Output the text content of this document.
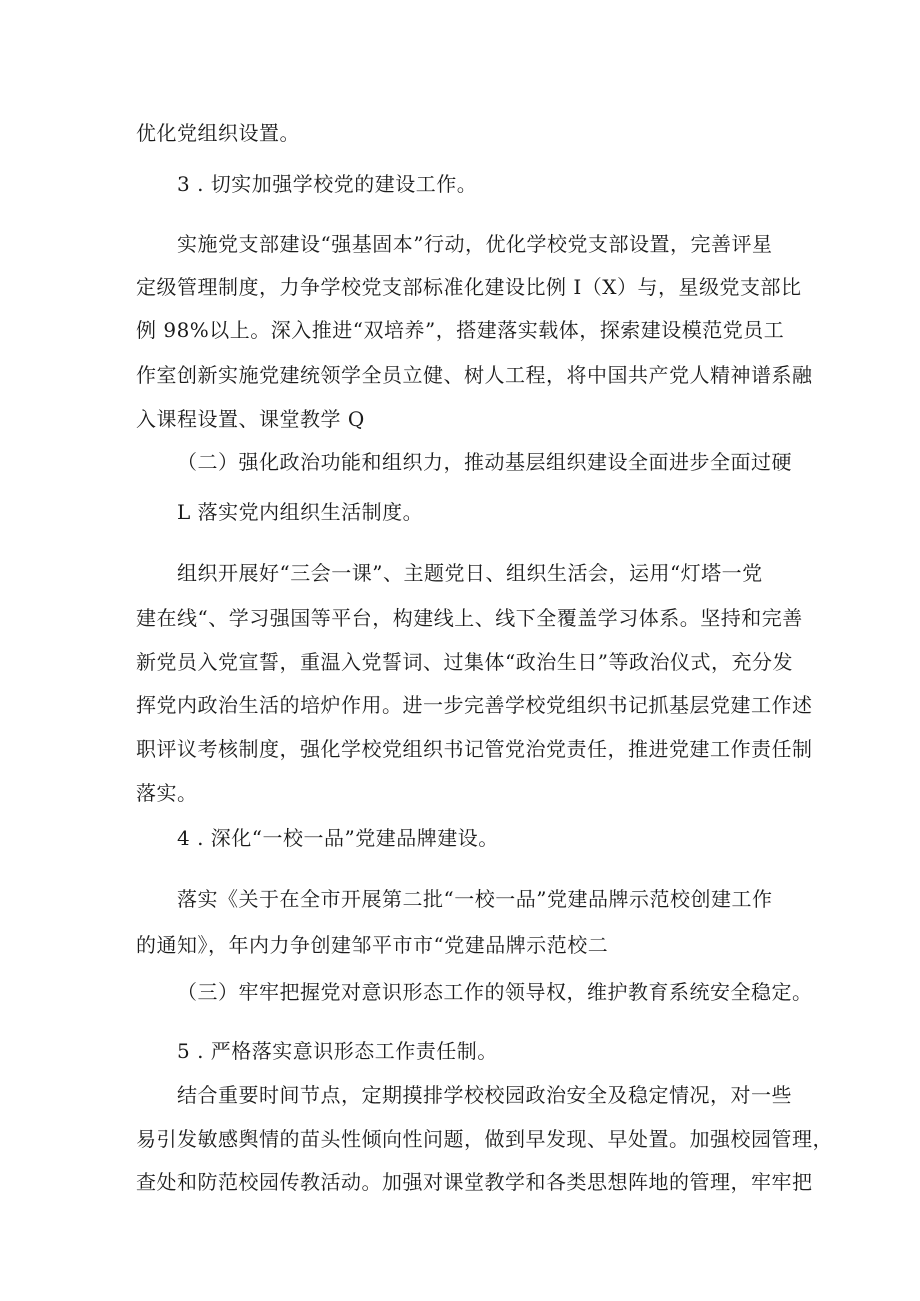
优化党组织设置。
3 . 切实加强学校党的建设工作。
实施党支部建设“强基固本”行动，优化学校党支部设置，完善评星
定级管理制度，力争学校党支部标准化建设比例 I（X）与，星级党支部比
例 98%以上。深入推进“双培养”，搭建落实载体，探索建设模范党员工
作室创新实施党建统领学全员立健、树人工程，将中国共产党人精神谱系融
入课程设置、课堂教学 Q
（二）强化政治功能和组织力，推动基层组织建设全面进步全面过硬
L 落实党内组织生活制度。
组织开展好“三会一课”、主题党日、组织生活会，运用“灯塔一党
建在线“、学习强国等平台，构建线上、线下全覆盖学习体系。坚持和完善
新党员入党宣誓，重温入党誓词、过集体“政治生日”等政治仪式，充分发
挥党内政治生活的培炉作用。进一步完善学校党组织书记抓基层党建工作述
职评议考核制度，强化学校党组织书记管党治党责任，推进党建工作责任制
落实。
4 . 深化“一校一品”党建品牌建设。
落实《关于在全市开展第二批“一校一品”党建品牌示范校创建工作
的通知》，年内力争创建邹平市市“党建品牌示范校二
（三）牢牢把握党对意识形态工作的领导权，维护教育系统安全稳定。
5 . 严格落实意识形态工作责任制。
结合重要时间节点，定期摸排学校校园政治安全及稳定情况，对一些
易引发敏感舆情的苗头性倾向性问题，做到早发现、早处置。加强校园管理，
查处和防范校园传教活动。加强对课堂教学和各类思想阵地的管理，牢牢把
